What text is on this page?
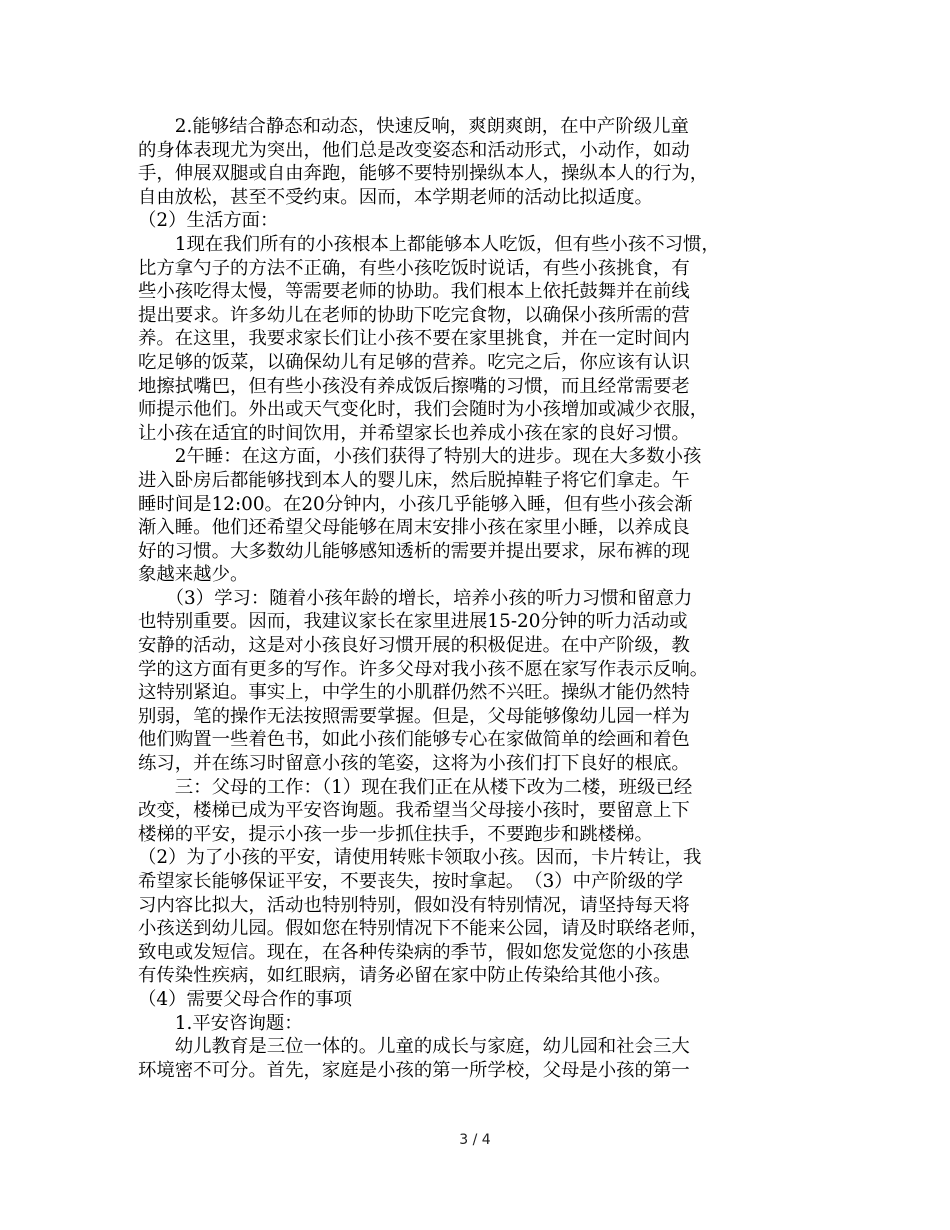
　　2.能够结合静态和动态，快速反响，爽朗爽朗，在中产阶级儿童
的身体表现尤为突出，他们总是改变姿态和活动形式，小动作，如动
手，伸展双腿或自由奔跑，能够不要特别操纵本人，操纵本人的行为，
自由放松，甚至不受约束。因而，本学期老师的活动比拟适度。
（2）生活方面：
　　1现在我们所有的小孩根本上都能够本人吃饭，但有些小孩不习惯，
比方拿勺子的方法不正确，有些小孩吃饭时说话，有些小孩挑食，有
些小孩吃得太慢，等需要老师的协助。我们根本上依托鼓舞并在前线
提出要求。许多幼儿在老师的协助下吃完食物，以确保小孩所需的营
养。在这里，我要求家长们让小孩不要在家里挑食，并在一定时间内
吃足够的饭菜，以确保幼儿有足够的营养。吃完之后，你应该有认识
地擦拭嘴巴，但有些小孩没有养成饭后擦嘴的习惯，而且经常需要老
师提示他们。外出或天气变化时，我们会随时为小孩增加或减少衣服，
让小孩在适宜的时间饮用，并希望家长也养成小孩在家的良好习惯。
　　2午睡：在这方面，小孩们获得了特别大的进步。现在大多数小孩
进入卧房后都能够找到本人的婴儿床，然后脱掉鞋子将它们拿走。午
睡时间是12:00。在20分钟内，小孩几乎能够入睡，但有些小孩会渐
渐入睡。他们还希望父母能够在周末安排小孩在家里小睡，以养成良
好的习惯。大多数幼儿能够感知透析的需要并提出要求，尿布裤的现
象越来越少。
　　（3）学习：随着小孩年龄的增长，培养小孩的听力习惯和留意力
也特别重要。因而，我建议家长在家里进展15-20分钟的听力活动或
安静的活动，这是对小孩良好习惯开展的积极促进。在中产阶级，教
学的这方面有更多的写作。许多父母对我小孩不愿在家写作表示反响。
这特别紧迫。事实上，中学生的小肌群仍然不兴旺。操纵才能仍然特
别弱，笔的操作无法按照需要掌握。但是，父母能够像幼儿园一样为
他们购置一些着色书，如此小孩们能够专心在家做简单的绘画和着色
练习，并在练习时留意小孩的笔姿，这将为小孩们打下良好的根底。
　　三：父母的工作：（1）现在我们正在从楼下改为二楼，班级已经
改变，楼梯已成为平安咨询题。我希望当父母接小孩时，要留意上下
楼梯的平安，提示小孩一步一步抓住扶手，不要跑步和跳楼梯。
（2）为了小孩的平安，请使用转账卡领取小孩。因而，卡片转让，我
希望家长能够保证平安，不要丧失，按时拿起。　（3）中产阶级的学
习内容比拟大，活动也特别特别，假如没有特别情况，请坚持每天将
小孩送到幼儿园。假如您在特别情况下不能来公园，请及时联络老师，
致电或发短信。现在，在各种传染病的季节，假如您发觉您的小孩患
有传染性疾病，如红眼病，请务必留在家中防止传染给其他小孩。
（4）需要父母合作的事项
　　1.平安咨询题：
　　幼儿教育是三位一体的。儿童的成长与家庭，幼儿园和社会三大
环境密不可分。首先，家庭是小孩的第一所学校，父母是小孩的第一
3 / 4
